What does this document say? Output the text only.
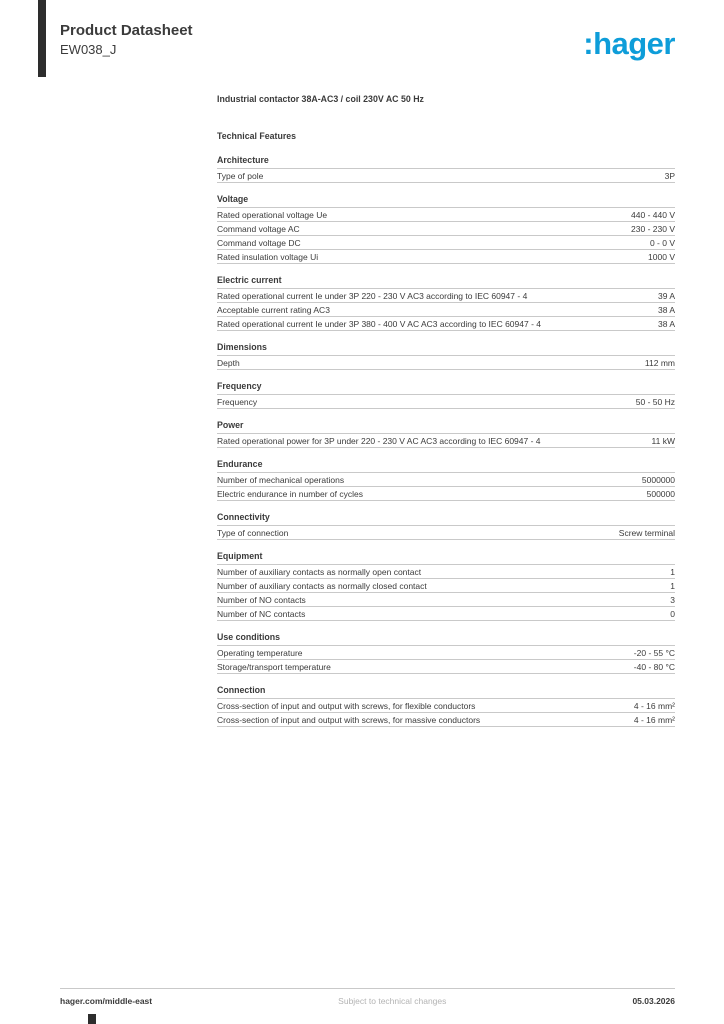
Product Datasheet
EW038_J	:hager
Industrial contactor 38A-AC3 / coil 230V AC 50 Hz
Technical Features
Architecture
Type of pole	3P
Voltage
Rated operational voltage Ue	440 - 440 V
Command voltage AC	230 - 230 V
Command voltage DC	0 - 0 V
Rated insulation voltage Ui	1000 V
Electric current
Rated operational current Ie under 3P 220 - 230 V AC3 according to IEC 60947 - 4	39 A
Acceptable current rating AC3	38 A
Rated operational current Ie under 3P 380 - 400 V AC AC3 according to IEC 60947 - 4	38 A
Dimensions
Depth	112 mm
Frequency
Frequency	50 - 50 Hz
Power
Rated operational power for 3P under 220 - 230 V AC AC3 according to IEC 60947 - 4	11 kW
Endurance
Number of mechanical operations	5000000
Electric endurance in number of cycles	500000
Connectivity
Type of connection	Screw terminal
Equipment
Number of auxiliary contacts as normally open contact	1
Number of auxiliary contacts as normally closed contact	1
Number of NO contacts	3
Number of NC contacts	0
Use conditions
Operating temperature	-20 - 55 °C
Storage/transport temperature	-40 - 80 °C
Connection
Cross-section of input and output with screws, for flexible conductors	4 - 16 mm²
Cross-section of input and output with screws, for massive conductors	4 - 16 mm²
hager.com/middle-east	Subject to technical changes	05.03.2026
